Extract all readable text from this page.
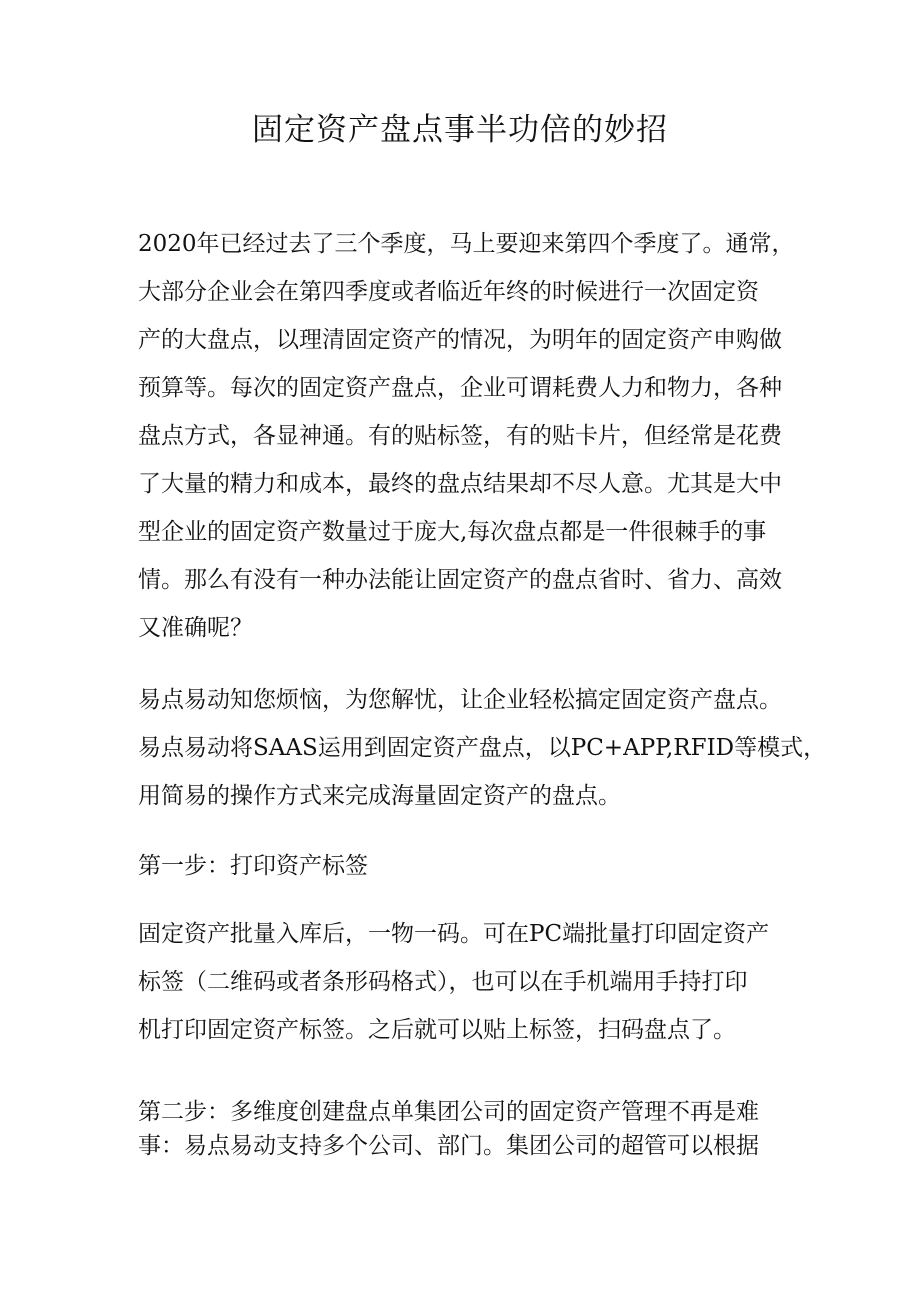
固定资产盘点事半功倍的妙招

2020年已经过去了三个季度，马上要迎来第四个季度了。通常，

大部分企业会在第四季度或者临近年终的时候进行一次固定资

产的大盘点，以理清固定资产的情况，为明年的固定资产申购做

预算等。每次的固定资产盘点，企业可谓耗费人力和物力，各种

盘点方式，各显神通。有的贴标签，有的贴卡片，但经常是花费

了大量的精力和成本，最终的盘点结果却不尽人意。尤其是大中

型企业的固定资产数量过于庞大,每次盘点都是一件很棘手的事

情。那么有没有一种办法能让固定资产的盘点省时、省力、高效

又准确呢？

易点易动知您烦恼，为您解忧，让企业轻松搞定固定资产盘点。

易点易动将SAAS运用到固定资产盘点，以PC+APP,RFID等模式，

用简易的操作方式来完成海量固定资产的盘点。

第一步：打印资产标签

固定资产批量入库后，一物一码。可在PC端批量打印固定资产

标签（二维码或者条形码格式），也可以在手机端用手持打印

机打印固定资产标签。之后就可以贴上标签，扫码盘点了。

第二步：多维度创建盘点单集团公司的固定资产管理不再是难

事：易点易动支持多个公司、部门。集团公司的超管可以根据
